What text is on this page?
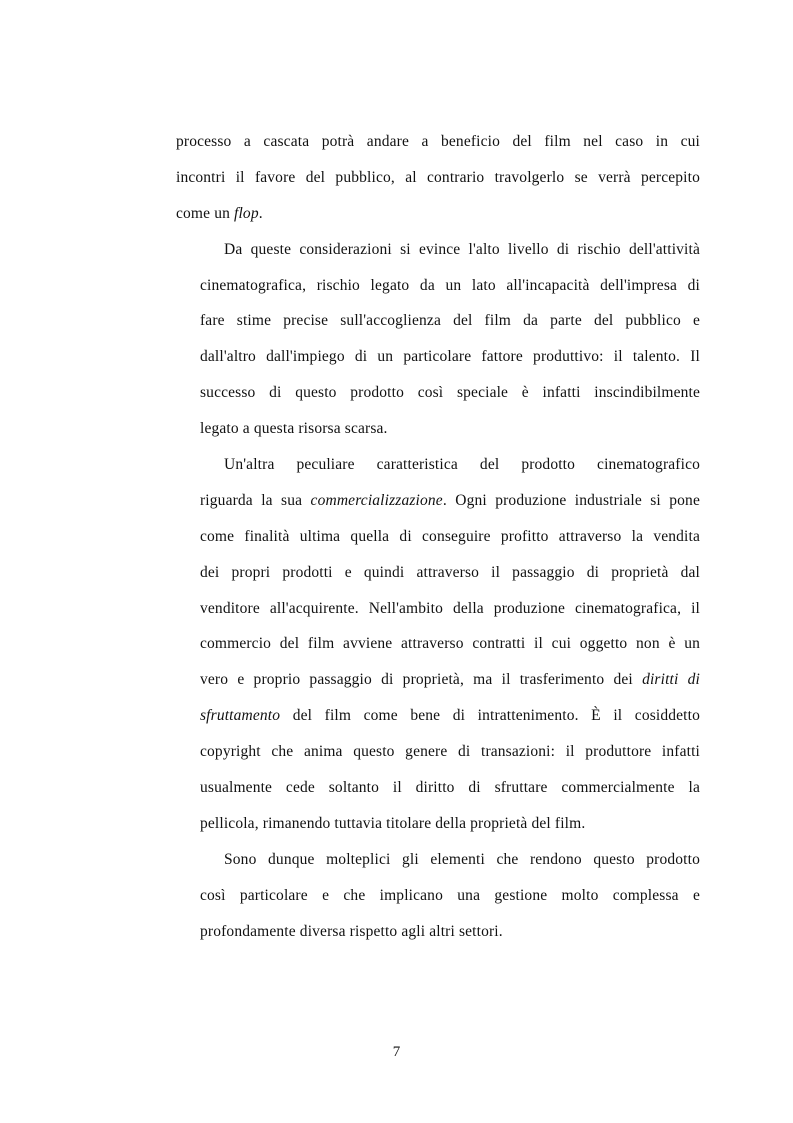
processo a cascata potrà andare a beneficio del film nel caso in cui
incontri il favore del pubblico, al contrario travolgerlo se verrà percepito
come un flop.
Da queste considerazioni si evince l'alto livello di rischio dell'attività
cinematografica, rischio legato da un lato all'incapacità dell'impresa di
fare stime precise sull'accoglienza del film da parte del pubblico e
dall'altro dall'impiego di un particolare fattore produttivo: il talento. Il
successo di questo prodotto così speciale è infatti inscindibilmente
legato a questa risorsa scarsa.
Un'altra peculiare caratteristica del prodotto cinematografico
riguarda la sua commercializzazione. Ogni produzione industriale si pone
come finalità ultima quella di conseguire profitto attraverso la vendita
dei propri prodotti e quindi attraverso il passaggio di proprietà dal
venditore all'acquirente. Nell'ambito della produzione cinematografica, il
commercio del film avviene attraverso contratti il cui oggetto non è un
vero e proprio passaggio di proprietà, ma il trasferimento dei diritti di
sfruttamento del film come bene di intrattenimento. È il cosiddetto
copyright che anima questo genere di transazioni: il produttore infatti
usualmente cede soltanto il diritto di sfruttare commercialmente la
pellicola, rimanendo tuttavia titolare della proprietà del film.
Sono dunque molteplici gli elementi che rendono questo prodotto
così particolare e che implicano una gestione molto complessa e
profondamente diversa rispetto agli altri settori.
7
